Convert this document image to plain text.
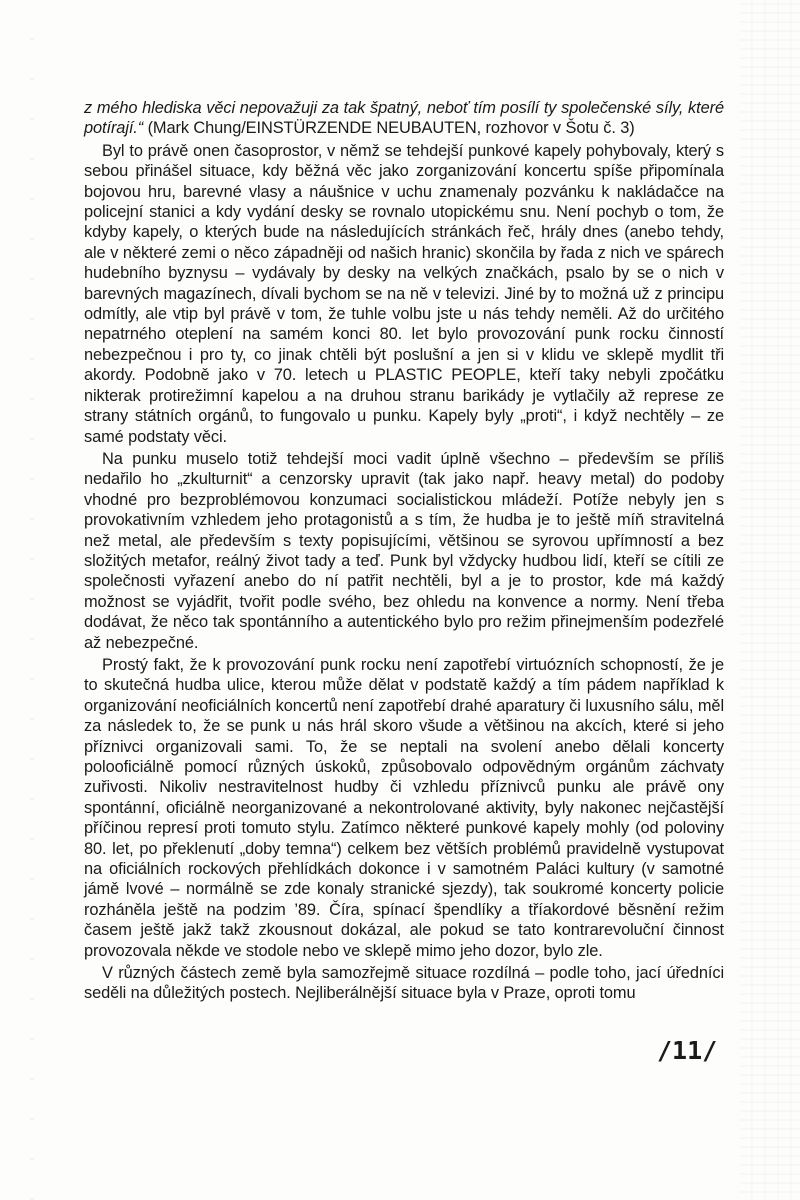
z mého hlediska věci nepovažuji za tak špatný, neboť tím posílí ty společenské síly, které potírají.“ (Mark Chung/EINSTÜRZENDE NEUBAUTEN, rozhovor v Šotu č. 3)

Byl to právě onen časoprostor, v němž se tehdejší punkové kapely pohybovaly, který s sebou přinášel situace, kdy běžná věc jako zorganizování koncertu spíše připomínala bojovou hru, barevné vlasy a náušnice v uchu znamenaly pozvánku k nakládačce na policejní stanici a kdy vydání desky se rovnalo utopickému snu. Není pochyb o tom, že kdyby kapely, o kterých bude na následujících stránkách řeč, hrály dnes (anebo tehdy, ale v některé zemi o něco západněji od našich hranic) skončila by řada z nich ve spárech hudebního byznysu – vydávaly by desky na velkých značkách, psalo by se o nich v barevných magazínech, dívali bychom se na ně v televizi. Jiné by to možná už z principu odmítly, ale vtip byl právě v tom, že tuhle volbu jste u nás tehdy neměli. Až do určitého nepatrného oteplení na samém konci 80. let bylo provozování punk rocku činností nebezpečnou i pro ty, co jinak chtěli být poslušní a jen si v klidu ve sklepě mydlit tři akordy. Podobně jako v 70. letech u PLASTIC PEOPLE, kteří taky nebyli zpočátku nikterak protirežimní kapelou a na druhou stranu barikády je vytlačily až represe ze strany státních orgánů, to fungovalo u punku. Kapely byly „proti“, i když nechtěly – ze samé podstaty věci.

Na punku muselo totiž tehdejší moci vadit úplně všechno – především se příliš nedařilo ho „zkulturnit“ a cenzorsky upravit (tak jako např. heavy metal) do podoby vhodné pro bezproblémovou konzumaci socialistickou mládeží. Potíže nebyly jen s provokativním vzhledem jeho protagonistů a s tím, že hudba je to ještě míň stravitelná než metal, ale především s texty popisujícími, většinou se syrovou upřímností a bez složitých metafor, reálný život tady a teď. Punk byl vždycky hudbou lidí, kteří se cítili ze společnosti vyřazení anebo do ní patřit nechtěli, byl a je to prostor, kde má každý možnost se vyjádřit, tvořit podle svého, bez ohledu na konvence a normy. Není třeba dodávat, že něco tak spontánního a autentického bylo pro režim přinejmenším podezřelé až nebezpečné.

Prostý fakt, že k provozování punk rocku není zapotřebí virtuózních schopností, že je to skutečná hudba ulice, kterou může dělat v podstatě každý a tím pádem například k organizování neoficiálních koncertů není zapotřebí drahé aparatury či luxusního sálu, měl za následek to, že se punk u nás hrál skoro všude a většinou na akcích, které si jeho příznivci organizovali sami. To, že se neptali na svolení anebo dělali koncerty polooficiálně pomocí různých úskoků, způsobovalo odpovědným orgánům záchvaty zuřivosti. Nikoliv nestravitelnost hudby či vzhledu příznivců punku ale právě ony spontánní, oficiálně neorganizované a nekontrolované aktivity, byly nakonec nejčastější příčinou represí proti tomuto stylu. Zatímco některé punkové kapely mohly (od poloviny 80. let, po překlenutí „doby temna“) celkem bez větších problémů pravidelně vystupovat na oficiálních rockových přehlídkách dokonce i v samotném Paláci kultury (v samotné jámě lvové – normálně se zde konaly stranické sjezdy), tak soukromé koncerty policie rozháněla ještě na podzim ’89. Číra, spínací špendlíky a tříakordové běsnění režim časem ještě jakž takž zkousnout dokázal, ale pokud se tato kontrarevoluční činnost provozovala někde ve stodole nebo ve sklepě mimo jeho dozor, bylo zle.

V různých částech země byla samozřejmě situace rozdílná – podle toho, jací úředníci seděli na důležitých postech. Nejliberálnější situace byla v Praze, oproti tomu

/11/
